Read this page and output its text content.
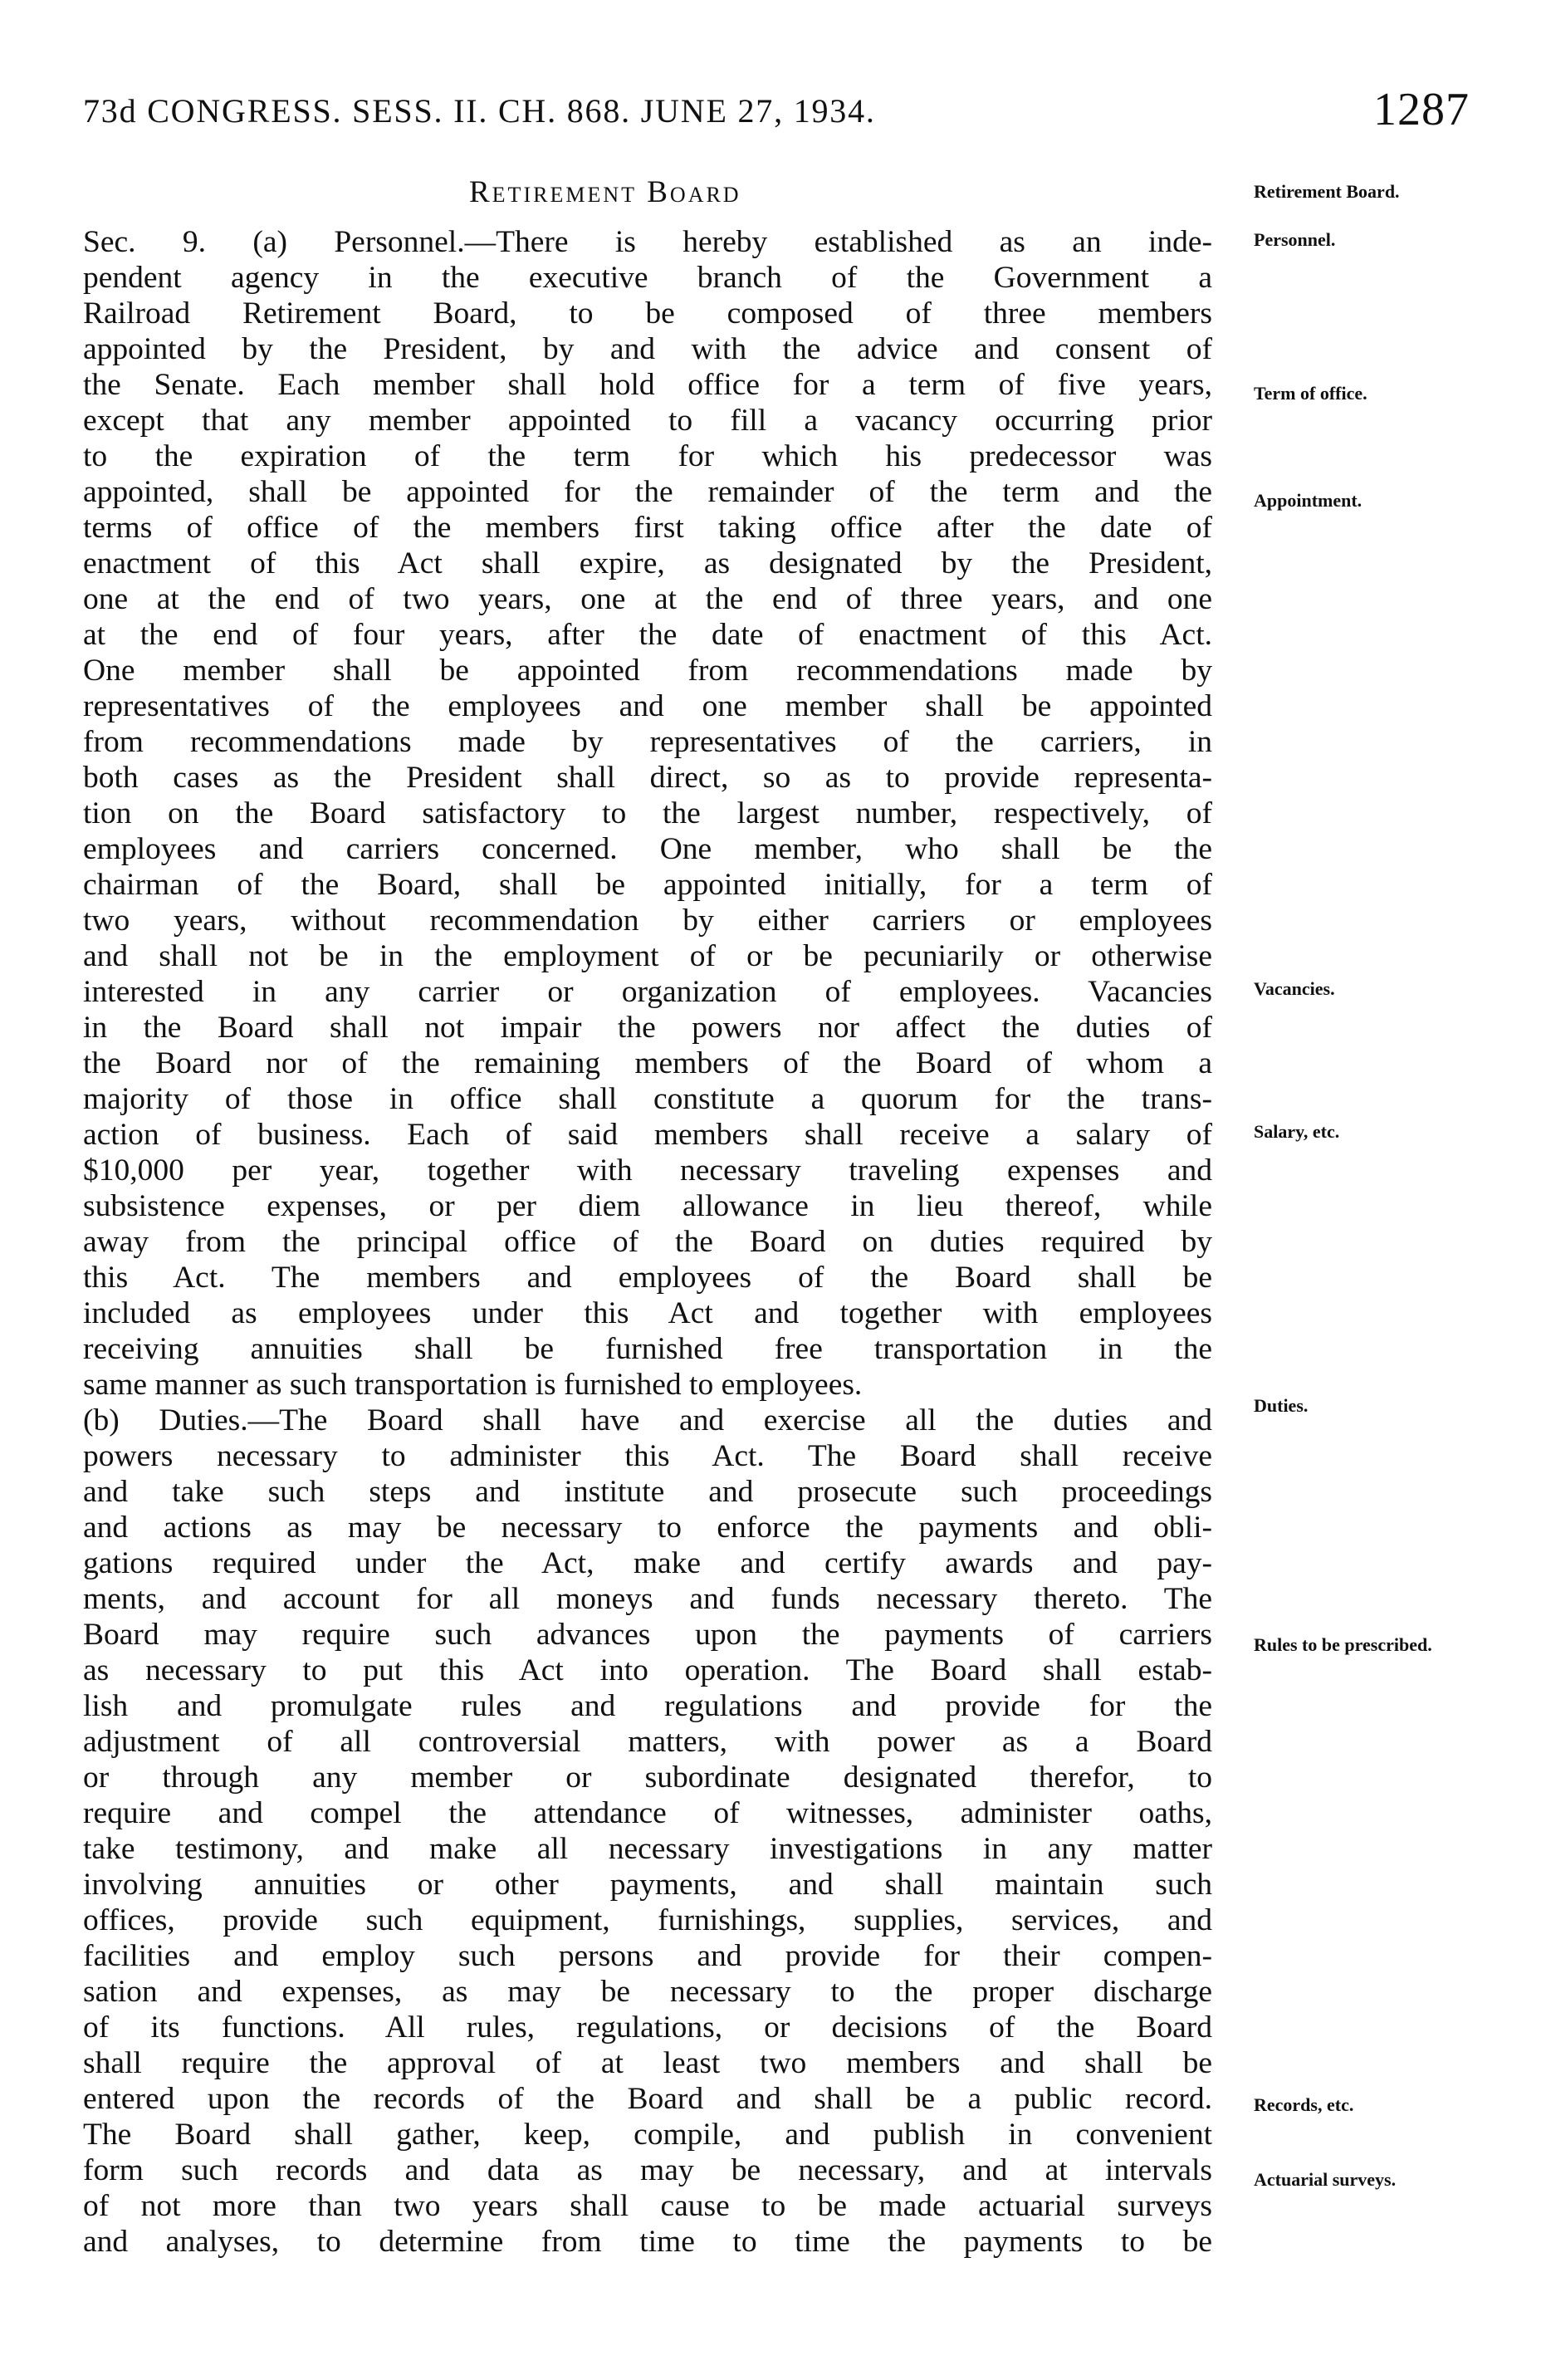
73d CONGRESS. SESS. II. CH. 868. JUNE 27, 1934.	1287
Retirement Board
Sec. 9. (a) Personnel.—There is hereby established as an inde-
pendent agency in the executive branch of the Government a
Railroad Retirement Board, to be composed of three members
appointed by the President, by and with the advice and consent of
the Senate. Each member shall hold office for a term of five years,
except that any member appointed to fill a vacancy occurring prior
to the expiration of the term for which his predecessor was
appointed, shall be appointed for the remainder of the term and the
terms of office of the members first taking office after the date of
enactment of this Act shall expire, as designated by the President,
one at the end of two years, one at the end of three years, and one
at the end of four years, after the date of enactment of this Act.
One member shall be appointed from recommendations made by
representatives of the employees and one member shall be appointed
from recommendations made by representatives of the carriers, in
both cases as the President shall direct, so as to provide representa-
tion on the Board satisfactory to the largest number, respectively, of
employees and carriers concerned. One member, who shall be the
chairman of the Board, shall be appointed initially, for a term of
two years, without recommendation by either carriers or employees
and shall not be in the employment of or be pecuniarily or otherwise
interested in any carrier or organization of employees. Vacancies
in the Board shall not impair the powers nor affect the duties of
the Board nor of the remaining members of the Board of whom a
majority of those in office shall constitute a quorum for the trans-
action of business. Each of said members shall receive a salary of
$10,000 per year, together with necessary traveling expenses and
subsistence expenses, or per diem allowance in lieu thereof, while
away from the principal office of the Board on duties required by
this Act. The members and employees of the Board shall be
included as employees under this Act and together with employees
receiving annuities shall be furnished free transportation in the
same manner as such transportation is furnished to employees.
(b) Duties.—The Board shall have and exercise all the duties and
powers necessary to administer this Act. The Board shall receive
and take such steps and institute and prosecute such proceedings
and actions as may be necessary to enforce the payments and obli-
gations required under the Act, make and certify awards and pay-
ments, and account for all moneys and funds necessary thereto. The
Board may require such advances upon the payments of carriers
as necessary to put this Act into operation. The Board shall estab-
lish and promulgate rules and regulations and provide for the
adjustment of all controversial matters, with power as a Board
or through any member or subordinate designated therefor, to
require and compel the attendance of witnesses, administer oaths,
take testimony, and make all necessary investigations in any matter
involving annuities or other payments, and shall maintain such
offices, provide such equipment, furnishings, supplies, services, and
facilities and employ such persons and provide for their compen-
sation and expenses, as may be necessary to the proper discharge
of its functions. All rules, regulations, or decisions of the Board
shall require the approval of at least two members and shall be
entered upon the records of the Board and shall be a public record.
The Board shall gather, keep, compile, and publish in convenient
form such records and data as may be necessary, and at intervals
of not more than two years shall cause to be made actuarial surveys
and analyses, to determine from time to time the payments to be
Retirement Board.
Personnel.
Term of office.
Appointment.
Vacancies.
Salary, etc.
Duties.
Rules to be prescribed.
Records, etc.
Actuarial surveys.
